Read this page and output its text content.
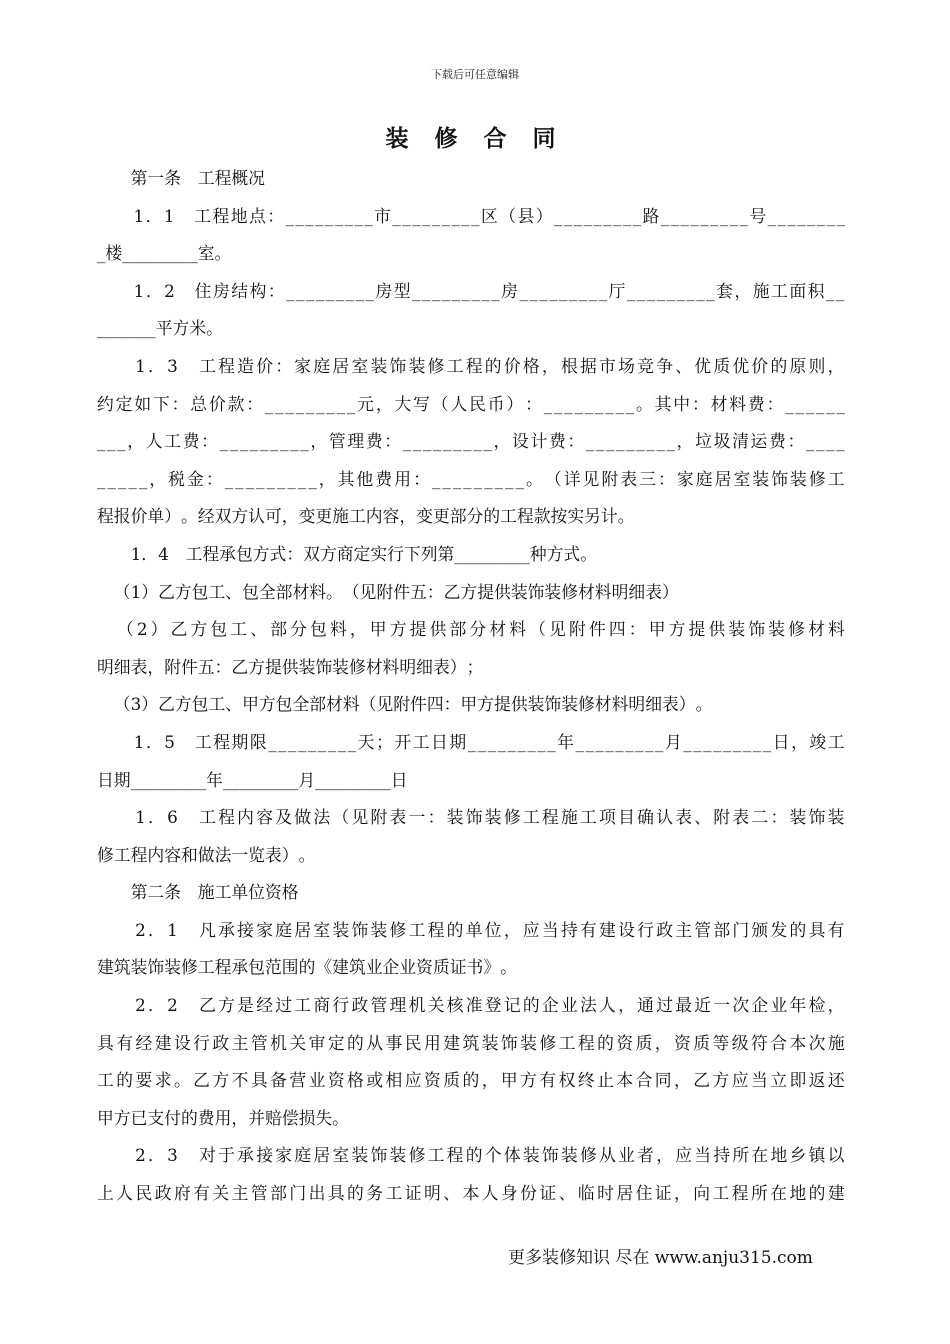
下载后可任意编辑
装 修 合 同

第 一 条
　 工 程 概 况

1 ． 1
　 工 程 地 点 ： _ _ _ _ _ _ _ _ _ 市 _ _ _ _ _ _ _ _ _ 区 （ 县 ） _ _ _ _ _ _ _ _ _ 路 _ _ _ _ _ _ _ _ _ 号 _ _ _ _ _ _ _ _
_ 楼 _ _ _ _ _ _ _ _ _ 室 。

1 ． 2
　 住 房 结 构 ： _ _ _ _ _ _ _ _ _ 房 型 _ _ _ _ _ _ _ _ _ 房 _ _ _ _ _ _ _ _ _ 厅 _ _ _ _ _ _ _ _ _ 套 ， 施 工 面 积 _ _
_ _ _ _ _ _ _ 平 方 米 。

1 ． 3
　 工 程 造 价 ： 家 庭 居 室 装 饰 装 修 工 程 的 价 格 ， 根 据 市 场 竞 争 、 优 质 优 价 的 原 则 ，
约 定 如 下 ： 总 价 款 ： _ _ _ _ _ _ _ _ _ 元 ， 大 写 （ 人 民 币 ） ： _ _ _ _ _ _ _ _ _ 。 其 中 ： 材 料 费 ： _ _ _ _ _ _
_ _ _ ， 人 工 费 ： _ _ _ _ _ _ _ _ _ ， 管 理 费 ： _ _ _ _ _ _ _ _ _ ， 设 计 费 ： _ _ _ _ _ _ _ _ _ ， 垃 圾 清 运 费 ： _ _ _ _
_ _ _ _ _ ， 税 金 ： _ _ _ _ _ _ _ _ _ ， 其 他 费 用 ： _ _ _ _ _ _ _ _ _ 。 （ 详 见 附 表 三 ： 家 庭 居 室 装 饰 装 修 工
程 报 价 单 ） 。 经 双 方 认 可 ， 变 更 施 工 内 容 ， 变 更 部 分 的 工 程 款 按 实 另 计 。

1 ． 4
　 工 程 承 包 方 式 ： 双 方 商 定 实 行 下 列 第 _ _ _ _ _ _ _ _ _ 种 方 式 。

（ 1 ） 乙 方 包 工 、 包 全 部 材 料 。 （ 见 附 件 五 ： 乙 方 提 供 装 饰 装 修 材 料 明 细 表 ）

（ 2 ） 乙 方 包 工 、 部 分 包 料 ， 甲 方 提 供 部 分 材 料 （ 见 附 件 四 ： 甲 方 提 供 装 饰 装 修 材 料
明 细 表 ， 附 件 五 ： 乙 方 提 供 装 饰 装 修 材 料 明 细 表 ） ；

（ 3 ） 乙 方 包 工 、 甲 方 包 全 部 材 料 （ 见 附 件 四 ： 甲 方 提 供 装 饰 装 修 材 料 明 细 表 ） 。

1 ． 5
　 工 程 期 限 _ _ _ _ _ _ _ _ _ 天 ； 开 工 日 期 _ _ _ _ _ _ _ _ _ 年 _ _ _ _ _ _ _ _ _ 月 _ _ _ _ _ _ _ _ _ 日 ， 竣 工
日 期 _ _ _ _ _ _ _ _ _ 年 _ _ _ _ _ _ _ _ _ 月 _ _ _ _ _ _ _ _ _ 日

1 ． 6
　 工 程 内 容 及 做 法 （ 见 附 表 一 ： 装 饰 装 修 工 程 施 工 项 目 确 认 表 、 附 表 二 ： 装 饰 装
修 工 程 内 容 和 做 法 一 览 表 ） 。

第 二 条
　 施 工 单 位 资 格

2 ． 1
　 凡 承 接 家 庭 居 室 装 饰 装 修 工 程 的 单 位 ， 应 当 持 有 建 设 行 政 主 管 部 门 颁 发 的 具 有
建 筑 装 饰 装 修 工 程 承 包 范 围 的 《 建 筑 业 企 业 资 质 证 书 》 。

2 ． 2
　 乙 方 是 经 过 工 商 行 政 管 理 机 关 核 准 登 记 的 企 业 法 人 ， 通 过 最 近 一 次 企 业 年 检 ，
具 有 经 建 设 行 政 主 管 机 关 审 定 的 从 事 民 用 建 筑 装 饰 装 修 工 程 的 资 质 ， 资 质 等 级 符 合 本 次 施
工 的 要 求 。 乙 方 不 具 备 营 业 资 格 或 相 应 资 质 的 ， 甲 方 有 权 终 止 本 合 同 ， 乙 方 应 当 立 即 返 还
甲 方 已 支 付 的 费 用 ， 并 赔 偿 损 失 。

2 ． 3
　 对 于 承 接 家 庭 居 室 装 饰 装 修 工 程 的 个 体 装 饰 装 修 从 业 者 ， 应 当 持 所 在 地 乡 镇 以
上 人 民 政 府 有 关 主 管 部 门 出 具 的 务 工 证 明 、 本 人 身 份 证 、 临 时 居 住 证 ， 向 工 程 所 在 地 的 建
更多装修知识 尽在 www.anju315.com
